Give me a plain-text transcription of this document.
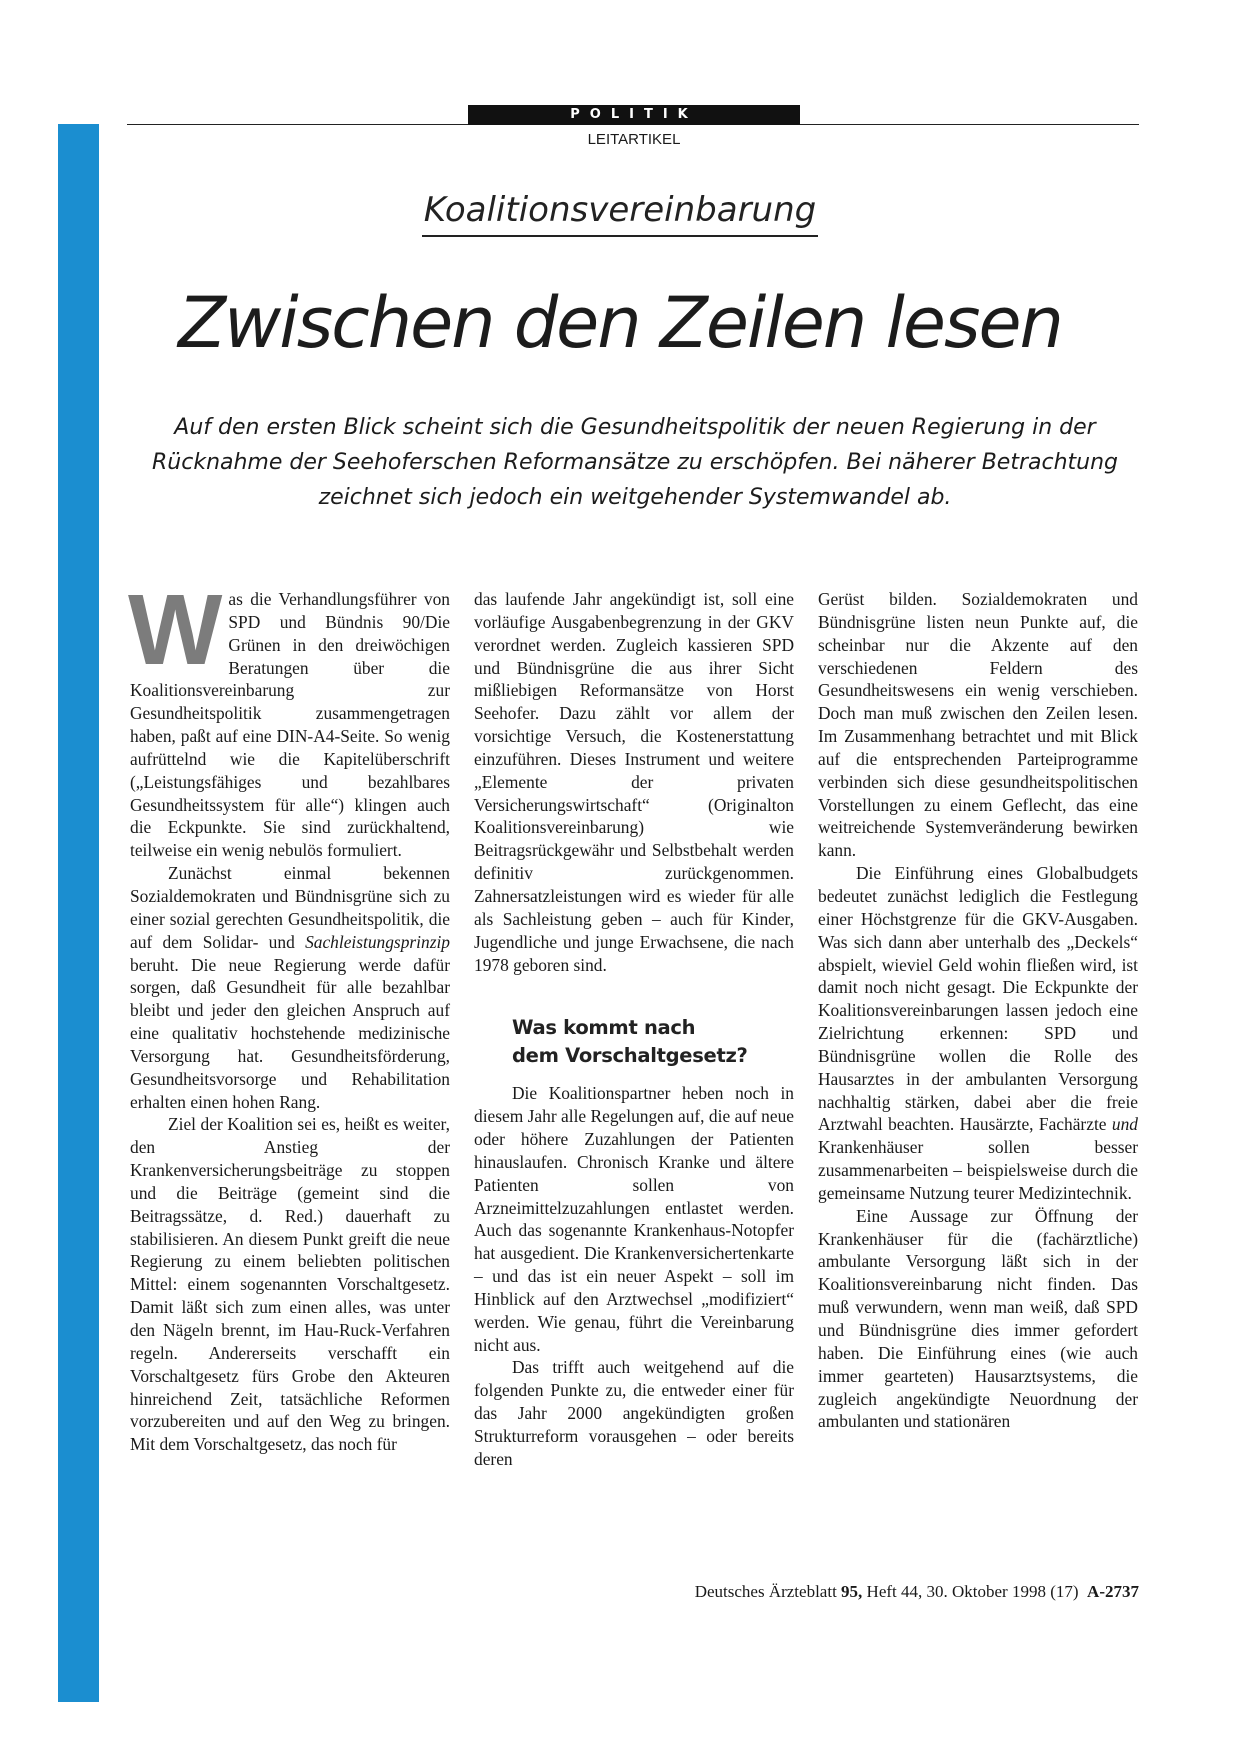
POLITIK
LEITARTIKEL
Koalitionsvereinbarung
Zwischen den Zeilen lesen
Auf den ersten Blick scheint sich die Gesundheitspolitik der neuen Regierung in der Rücknahme der Seehoferschen Reformansätze zu erschöpfen. Bei näherer Betrachtung zeichnet sich jedoch ein weitgehender Systemwandel ab.

Was die Verhandlungsführer von SPD und Bündnis 90/Die Grünen in den dreiwöchigen Beratungen über die Koalitionsvereinbarung zur Gesundheitspolitik zusammengetragen haben, paßt auf eine DIN-A4-Seite. So wenig aufrüttelnd wie die Kapitelüberschrift („Leistungsfähiges und bezahlbares Gesundheitssystem für alle“) klingen auch die Eckpunkte. Sie sind zurückhaltend, teilweise ein wenig nebulös formuliert.

Zunächst einmal bekennen Sozialdemokraten und Bündnisgrüne sich zu einer sozial gerechten Gesundheitspolitik, die auf dem Solidar- und Sachleistungsprinzip beruht. Die neue Regierung werde dafür sorgen, daß Gesundheit für alle bezahlbar bleibt und jeder den gleichen Anspruch auf eine qualitativ hochstehende medizinische Versorgung hat. Gesundheitsförderung, Gesundheitsvorsorge und Rehabilitation erhalten einen hohen Rang.

Ziel der Koalition sei es, heißt es weiter, den Anstieg der Krankenversicherungsbeiträge zu stoppen und die Beiträge (gemeint sind die Beitragssätze, d. Red.) dauerhaft zu stabilisieren. An diesem Punkt greift die neue Regierung zu einem beliebten politischen Mittel: einem sogenannten Vorschaltgesetz. Damit läßt sich zum einen alles, was unter den Nägeln brennt, im Hau-Ruck-Verfahren regeln. Andererseits verschafft ein Vorschaltgesetz fürs Grobe den Akteuren hinreichend Zeit, tatsächliche Reformen vorzubereiten und auf den Weg zu bringen. Mit dem Vorschaltgesetz, das noch für

das laufende Jahr angekündigt ist, soll eine vorläufige Ausgabenbegrenzung in der GKV verordnet werden. Zugleich kassieren SPD und Bündnisgrüne die aus ihrer Sicht mißliebigen Reformansätze von Horst Seehofer. Dazu zählt vor allem der vorsichtige Versuch, die Kostenerstattung einzuführen. Dieses Instrument und weitere „Elemente der privaten Versicherungswirtschaft“ (Originalton Koalitionsvereinbarung) wie Beitragsrückgewähr und Selbstbehalt werden definitiv zurückgenommen. Zahnersatzleistungen wird es wieder für alle als Sachleistung geben – auch für Kinder, Jugendliche und junge Erwachsene, die nach 1978 geboren sind.

Was kommt nach
dem Vorschaltgesetz?

Die Koalitionspartner heben noch in diesem Jahr alle Regelungen auf, die auf neue oder höhere Zuzahlungen der Patienten hinauslaufen. Chronisch Kranke und ältere Patienten sollen von Arzneimittelzuzahlungen entlastet werden. Auch das sogenannte Krankenhaus-Notopfer hat ausgedient. Die Krankenversichertenkarte – und das ist ein neuer Aspekt – soll im Hinblick auf den Arztwechsel „modifiziert“ werden. Wie genau, führt die Vereinbarung nicht aus.

Das trifft auch weitgehend auf die folgenden Punkte zu, die entweder einer für das Jahr 2000 angekündigten großen Strukturreform vorausgehen – oder bereits deren

Gerüst bilden. Sozialdemokraten und Bündnisgrüne listen neun Punkte auf, die scheinbar nur die Akzente auf den verschiedenen Feldern des Gesundheitswesens ein wenig verschieben. Doch man muß zwischen den Zeilen lesen. Im Zusammenhang betrachtet und mit Blick auf die entsprechenden Parteiprogramme verbinden sich diese gesundheitspolitischen Vorstellungen zu einem Geflecht, das eine weitreichende Systemveränderung bewirken kann.

Die Einführung eines Globalbudgets bedeutet zunächst lediglich die Festlegung einer Höchstgrenze für die GKV-Ausgaben. Was sich dann aber unterhalb des „Deckels“ abspielt, wieviel Geld wohin fließen wird, ist damit noch nicht gesagt. Die Eckpunkte der Koalitionsvereinbarungen lassen jedoch eine Zielrichtung erkennen: SPD und Bündnisgrüne wollen die Rolle des Hausarztes in der ambulanten Versorgung nachhaltig stärken, dabei aber die freie Arztwahl beachten. Hausärzte, Fachärzte und Krankenhäuser sollen besser zusammenarbeiten – beispielsweise durch die gemeinsame Nutzung teurer Medizintechnik.

Eine Aussage zur Öffnung der Krankenhäuser für die (fachärztliche) ambulante Versorgung läßt sich in der Koalitionsvereinbarung nicht finden. Das muß verwundern, wenn man weiß, daß SPD und Bündnisgrüne dies immer gefordert haben. Die Einführung eines (wie auch immer gearteten) Hausarztsystems, die zugleich angekündigte Neuordnung der ambulanten und stationären

Deutsches Ärzteblatt 95, Heft 44, 30. Oktober 1998 (17) A-2737
